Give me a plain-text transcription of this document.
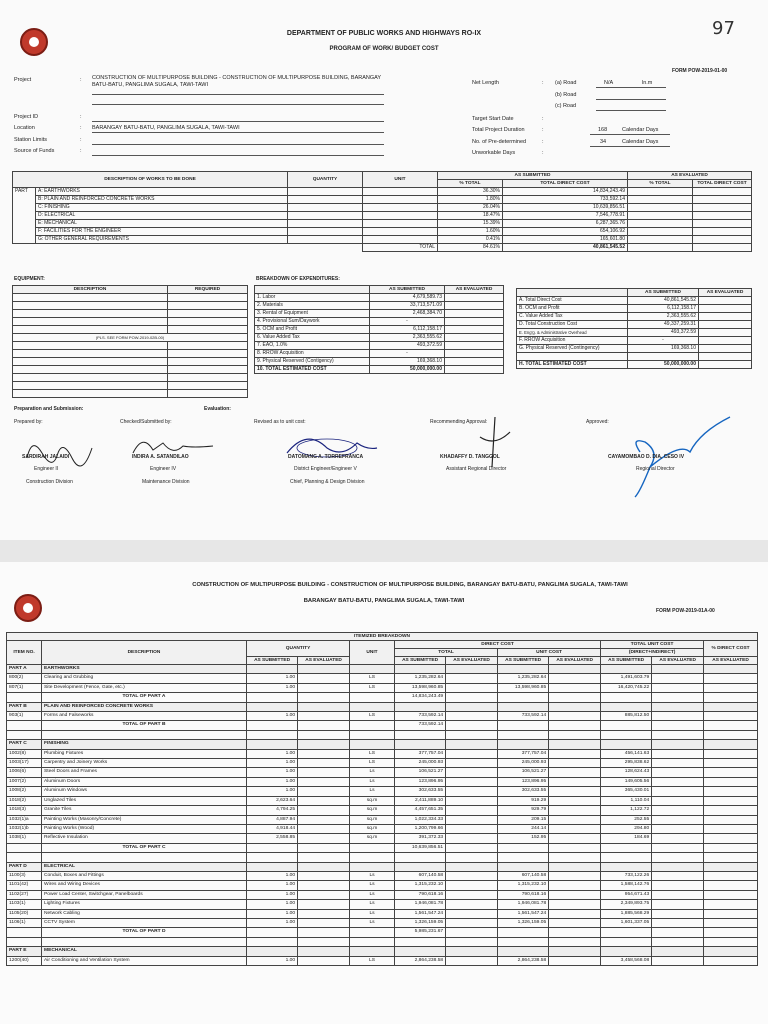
97
DEPARTMENT OF PUBLIC WORKS AND HIGHWAYS RO-IX
PROGRAM OF WORK/ BUDGET COST
FORM POW-2019-01-00
Project	: CONSTRUCTION OF MULTIPURPOSE BUILDING - CONSTRUCTION OF MULTIPURPOSE BUILDING, BARANGAY BATU-BATU, PANGLIMA SUGALA, TAWI-TAWI
Project ID	:
Location	: BARANGAY BATU-BATU, PANGLIMA SUGALA, TAWI-TAWI
Station Limits	:
Source of Funds	:
Net Length	: (a) Road	N/A	ln.m
(b) Road
(c) Road
Target Start Date	:
Total Project Duration	:	168	Calendar Days
No. of Pre-determined	:	34	Calendar Days
Unworkable Days	:
DESCRIPTION OF WORKS TO BE DONE		QUANTITY	UNIT	AS SUBMITTED		AS EVALUATED	
				% TOTAL	TOTAL DIRECT COST	% TOTAL	TOTAL DIRECT COST
PART	A: EARTHWORKS			36.30%	14,834,243.49		
	B: PLAIN AND REINFORCED CONCRETE WORKS			1.80%	733,592.14		
	C: FINISHING			26.04%	10,639,856.51		
	D: ELECTRICAL			18.47%	7,546,778.91		
	E: MECHANICAL			15.39%	6,287,365.76		
	F: FACILITIES FOR THE ENGINEER			1.60%	654,106.92		
	G: OTHER GENERAL REQUIREMENTS			0.41%	165,601.80		
			TOTAL	84.61%	40,861,545.52		
EQUIPMENT:
DESCRIPTION	REQUIRED

(PLS. SEE FORM POW-2019-02B-00)	

BREAKDOWN OF EXPENDITURES:
	AS SUBMITTED	AS EVALUATED
1. Labor	4,679,589.73	
2. Materials	33,713,571.09	
3. Rental of Equipment	2,468,384.70	
4. Provisional Sum/Daywork	-	
5. OCM and Profit	6,112,158.17	
6. Value Added Tax	2,363,555.62	
7. EAO, 1.0%	493,372.59	
8. RROW Acquisition	-	
9. Physical Reserved (Contigency)	169,368.10	
10. TOTAL ESTIMATED COST	50,000,000.00	
	AS SUBMITTED	AS EVALUATED
A. Total Direct Cost	40,861,545.52	
B. OCM and Profit	6,112,158.17	
C. Value Added Tax	2,363,555.62	
D. Total Construction Cost	49,337,259.31	
E. Eng'g. & Administrative Overhead	493,372.59	
F. RROW Acquisition	-	
G. Physical Reserved (Contingency)	169,368.10	

H. TOTAL ESTIMATED COST	50,000,000.00	
Preparation and Submission:	Evaluation:
Prepared by:	Checked/Submitted by:	Revised as to unit cost:	Recommending Approval:	Approved:
SARDIRAH JALAIDI
Engineer II
Construction Division
INDIRA A. SATANDILAO
Engineer IV
Maintenance Division
DATOMANG A. TORREFRANCA
District Engineer/Engineer V
Chief, Planning & Design Division
KHADAFFY D. TANGGOL
Assistant Regional Director
CAYAMOMBAO D. DIA, CESO IV
Regional Director
CONSTRUCTION OF MULTIPURPOSE BUILDING - CONSTRUCTION OF MULTIPURPOSE BUILDING, BARANGAY BATU-BATU, PANGLIMA SUGALA, TAWI-TAWI
BARANGAY BATU-BATU, PANGLIMA SUGALA, TAWI-TAWI
FORM POW-2019-01A-00
ITEMIZED BREAKDOWN											
ITEM NO.	DESCRIPTION	QUANTITY		UNIT	DIRECT COST				TOTAL UNIT COST		% DIRECT COST
					TOTAL		UNIT COST		(DIRECT+INDIRECT)		
		AS SUBMITTED	AS EVALUATED		AS SUBMITTED	AS EVALUATED	AS SUBMITTED	AS EVALUATED	AS SUBMITTED	AS EVALUATED	AS EVALUATED
PART A	EARTHWORKS										
800(2)	Clearing and Grubbing	1.00		LS	1,235,282.64		1,235,282.64		1,491,603.79		
807(1)	Site Development (Fence, Gate, etc.)	1.00		LS	13,598,960.85		13,598,960.85		16,420,745.22		
	TOTAL OF PART A				14,834,243.49						
PART B	PLAIN AND REINFORCED CONCRETE WORKS										
903(1)	Forms and Falseworks	1.00		LS	733,592.14		733,592.14		885,812.50		
	TOTAL OF PART B				733,592.14						

PART C	FINISHING										
1002(8)	Plumbing Fixtures	1.00		LS	377,757.04		377,757.04		456,141.63		
1003(17)	Carpentry and Joinery Works	1.00		LS	245,000.93		245,000.93		295,838.62		
1006(6)	Steel Doors and Frames	1.00		Ls	106,521.27		106,521.27		128,624.43		
1007(2)	Aluminum Doors	1.00		Ls	123,896.95		123,896.95		149,605.56		
1008(2)	Aluminum Windows	1.00		Ls	302,633.55		302,633.55		365,430.01		
1018(2)	Unglazed Tiles	2,623.64		sq.m	2,411,889.10		919.29		1,110.04		
1018(3)	Granite Tiles	4,794.25		sq.m	4,457,651.35		929.79		1,122.72		
1032(1)a	Painting Works (Masonry/Concrete)	4,887.94		sq.m	1,022,334.33		209.15		252.55		
1032(1)b	Painting Works (Wood)	4,918.44		sq.m	1,200,799.66		244.14		294.80		
1038(1)	Reflective Insulation	2,558.85		sq.m	391,372.33		152.95		184.69		
	TOTAL OF PART C				10,639,856.51						

PART D	ELECTRICAL										
1100(3)	Conduit, Boxes and Fittings	1.00		Ls	607,140.58		607,140.58		733,122.26		
1101(42)	Wires and Wiring Devices	1.00		Ls	1,315,232.10		1,315,232.10		1,588,142.76		
1102(27)	Power Load Center, Switchgear, Panelboards	1.00		Ls	790,618.16		790,618.16		954,671.43		
1103(1)	Lighting Fixtures	1.00		Ls	1,946,081.78		1,946,081.78		2,349,893.75		
1105(20)	Network Cabling	1.00		Ls	1,561,547.24		1,561,547.24		1,885,568.29		
1106(1)	CCTV System	1.00		Ls	1,326,159.05		1,326,159.05		1,601,337.05		
	TOTAL OF PART D				5,985,231.67						

PART E	MECHANICAL										
1200(40)	Air Conditioning and Ventilation System	1.00		LS	2,864,238.58		2,864,238.58		3,458,568.08		
